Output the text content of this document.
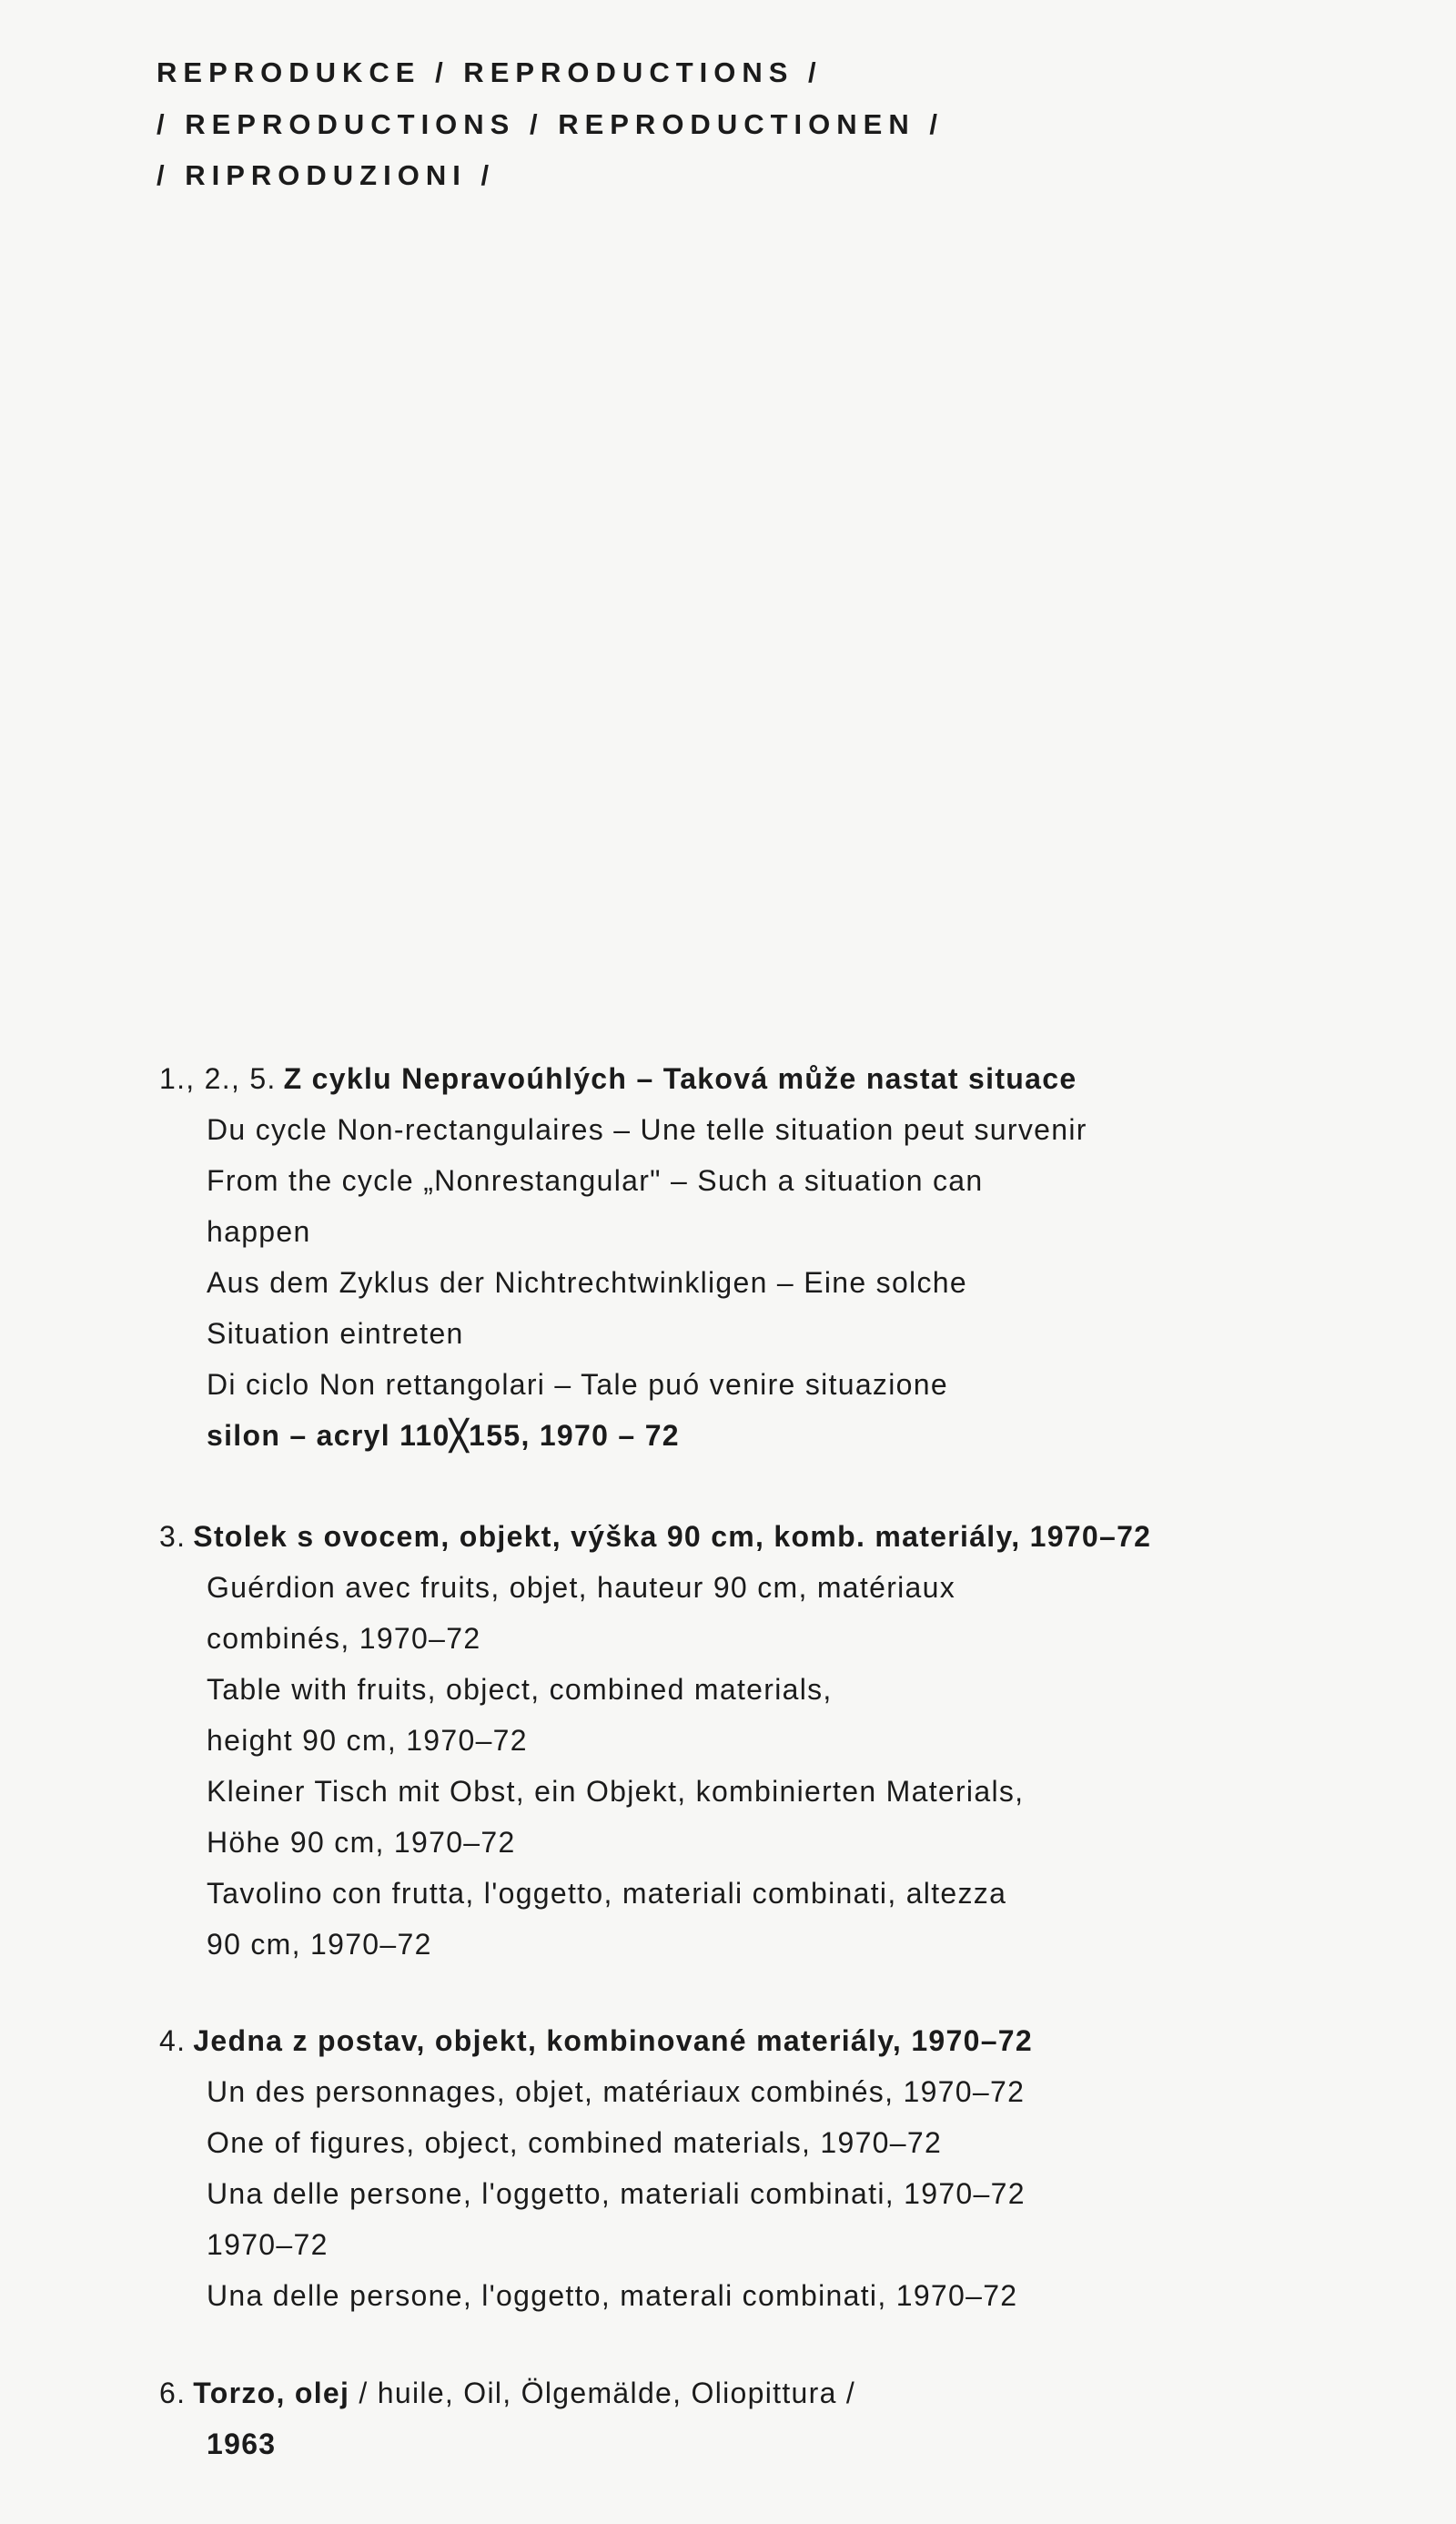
REPRODUKCE / REPRODUCTIONS /
/ REPRODUCTIONS / REPRODUCTIONEN /
/ RIPRODUZIONI /
1., 2., 5. Z cyklu Nepravoúhlých – Taková může nastat situace
Du cycle Non-rectangulaires – Une telle situation peut survenir
From the cycle „Nonrestangular" – Such a situation can
happen
Aus dem Zyklus der Nichtrechtwinkligen – Eine solche
Situation eintreten
Di ciclo Non rettangolari – Tale puó venire situazione
silon – acryl 110╳155, 1970 – 72
3. Stolek s ovocem, objekt, výška 90 cm, komb. materiály, 1970–72
Guérdion avec fruits, objet, hauteur 90 cm, matériaux
combinés, 1970–72
Table with fruits, object, combined materials,
height 90 cm, 1970–72
Kleiner Tisch mit Obst, ein Objekt, kombinierten Materials,
Höhe 90 cm, 1970–72
Tavolino con frutta, l'oggetto, materiali combinati, altezza
90 cm, 1970–72
4. Jedna z postav, objekt, kombinované materiály, 1970–72
Un des personnages, objet, matériaux combinés, 1970–72
One of figures, object, combined materials, 1970–72
Una delle persone, l'oggetto, materiali combinati, 1970–72
1970–72
Una delle persone, l'oggetto, materali combinati, 1970–72
6. Torzo, olej / huile, Oil, Ölgemälde, Oliopittura /
1963
